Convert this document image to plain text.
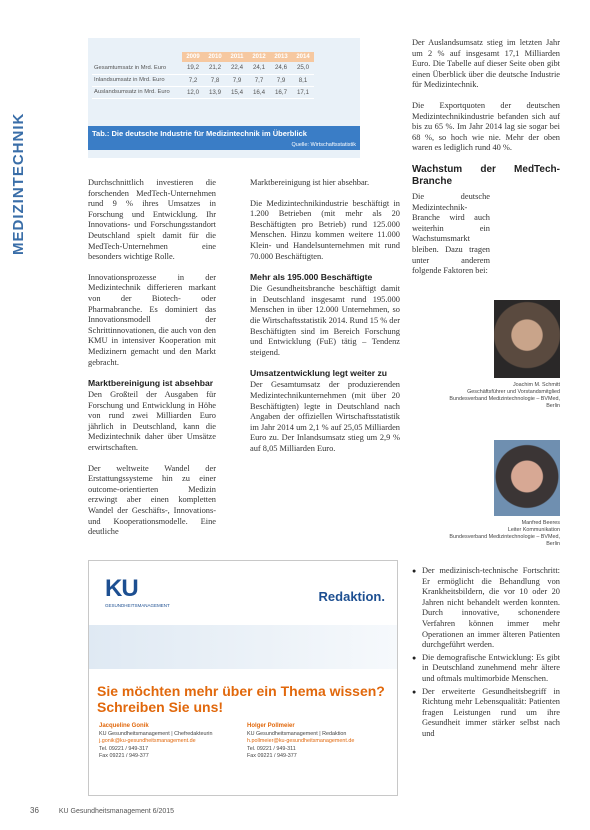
MEDIZINTECHNIK
	2009	2010	2011	2012	2013	2014
Gesamtumsatz in Mrd. Euro	19,2	21,2	22,4	24,1	24,6	25,0
Inlandsumsatz in Mrd. Euro	7,2	7,8	7,9	7,7	7,9	8,1
Auslandsumsatz in Mrd. Euro	12,0	13,9	15,4	16,4	16,7	17,1
Tab.: Die deutsche Industrie für Medizintechnik im Überblick
Quelle: Wirtschaftsstatistik

Durchschnittlich investieren die forschenden MedTech-Unternehmen rund 9 % ihres Umsatzes in Forschung und Entwicklung. Ihr Innovations- und Forschungsstandort Deutschland spielt damit für die MedTech-Unternehmen eine besonders wichtige Rolle.

Innovationsprozesse in der Medizintechnik differieren markant von der Biotech- oder Pharmabranche. Es dominiert das Innovationsmodell der Schrittinnovationen, die auch von den KMU in intensiver Kooperation mit Medizinern gemacht und den Markt gebracht.

Marktbereinigung ist absehbar

Den Großteil der Ausgaben für Forschung und Entwicklung in Höhe von rund zwei Milliarden Euro jährlich in Deutschland, kann die Medizintechnik daher über Umsätze erwirtschaften.

Der weltweite Wandel der Erstattungssysteme hin zu einer outcome-orientierten Medizin erzwingt aber einen kompletten Wandel der Geschäfts-, Innovations- und Kooperationsmodelle. Eine deutliche

Marktbereinigung ist hier absehbar.

Die Medizintechnikindustrie beschäftigt in 1.200 Betrieben (mit mehr als 20 Beschäftigten pro Betrieb) rund 125.000 Menschen. Hinzu kommen weitere 11.000 Klein- und Handelsunternehmen mit rund 70.000 Beschäftigten.

Mehr als 195.000 Beschäftigte

Die Gesundheitsbranche beschäftigt damit in Deutschland insgesamt rund 195.000 Menschen in über 12.000 Unternehmen, so die Wirtschaftsstatistik 2014. Rund 15 % der Beschäftigten sind im Bereich Forschung und Entwicklung (FuE) tätig – Tendenz steigend.

Umsatzentwicklung legt weiter zu

Der Gesamtumsatz der produzierenden Medizintechnikunternehmen (mit über 20 Beschäftigten) legte in Deutschland nach Angaben der offiziellen Wirtschaftsstatistik im Jahr 2014 um 2,1 % auf 25,05 Milliarden Euro zu. Der Inlandsumsatz stieg um 2,9 % auf 8,05 Milliarden Euro.

Der Auslandsumsatz stieg im letzten Jahr um 2 % auf insgesamt 17,1 Milliarden Euro. Die Tabelle auf dieser Seite oben gibt einen Überblick über die deutsche Industrie für Medizintechnik.

Die Exportquoten der deutschen Medizintechnikindustrie befanden sich auf bis zu 65 %. Im Jahr 2014 lag sie sogar bei 68 %, so hoch wie nie. Mehr der oben waren es lediglich rund 40 %.

Wachstum der MedTech-Branche

Die deutsche Medizintechnik-Branche wird auch weiterhin ein Wachstumsmarkt bleiben. Dazu tragen unter anderem folgende Faktoren bei:

Joachim M. Schmitt
Geschäftsführer und Vorstandsmitglied
Bundesverband Medizintechnologie – BVMed,
Berlin
Manfred Beeres
Leiter Kommunikation
Bundesverband Medizintechnologie – BVMed,
Berlin
● Der medizinisch-technische Fortschritt: Er ermöglicht die Behandlung von Krankheitsbildern, die vor 10 oder 20 Jahren nicht behandelt werden konnten. Durch innovative, schonendere Verfahren können immer mehr Operationen an immer älteren Patienten durchgeführt werden.
● Die demografische Entwicklung: Es gibt in Deutschland zunehmend mehr ältere und oftmals multimorbide Menschen.
● Der erweiterte Gesundheitsbegriff in Richtung mehr Lebensqualität: Patienten fragen Leistungen rund um ihre Gesundheit immer stärker selbst nach und
KU
GESUNDHEITSMANAGEMENT
Redaktion.
Sie möchten mehr über ein Thema wissen?
Schreiben Sie uns!
Jacqueline Gonik
KU Gesundheitsmanagement | Chefredakteurin
j.gonik@ku-gesundheitsmanagement.de
Tel. 09221 / 949-317
Fax 09221 / 949-377
Holger Pollmeier
KU Gesundheitsmanagement | Redaktion
h.pollmeier@ku-gesundheitsmanagement.de
Tel. 09221 / 949-311
Fax 09221 / 949-377
36	KU Gesundheitsmanagement 6/2015
